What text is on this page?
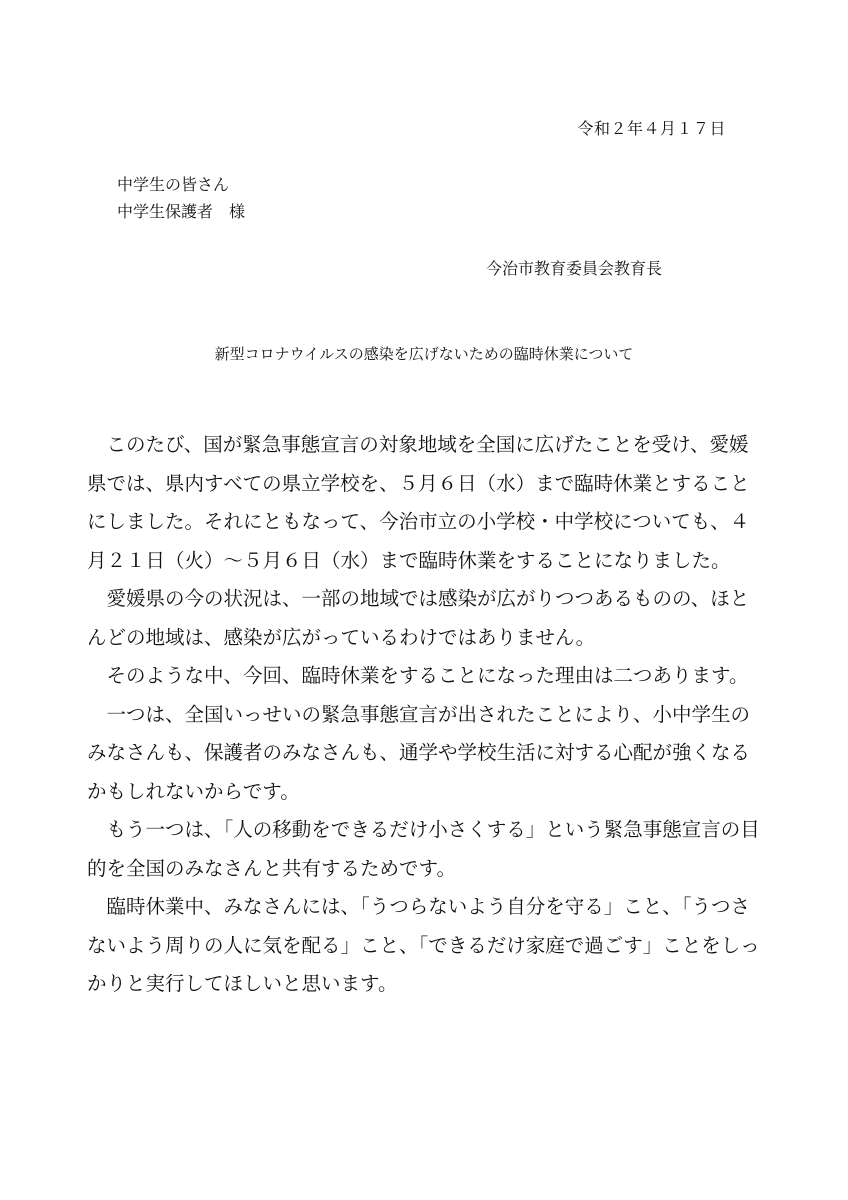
令和２年４月１７日
中学生の皆さん
中学生保護者　様
今治市教育委員会教育長
新型コロナウイルスの感染を広げないための臨時休業について

このたび、国が緊急事態宣言の対象地域を全国に広げたことを受け、愛媛県では、県内すべての県立学校を、５月６日（水）まで臨時休業とすることにしました。それにともなって、今治市立の小学校・中学校についても、４月２１日（火）～５月６日（水）まで臨時休業をすることになりました。

愛媛県の今の状況は、一部の地域では感染が広がりつつあるものの、ほとんどの地域は、感染が広がっているわけではありません。

そのような中、今回、臨時休業をすることになった理由は二つあります。

一つは、全国いっせいの緊急事態宣言が出されたことにより、小中学生のみなさんも、保護者のみなさんも、通学や学校生活に対する心配が強くなるかもしれないからです。

もう一つは、「人の移動をできるだけ小さくする」という緊急事態宣言の目的を全国のみなさんと共有するためです。

臨時休業中、みなさんには、「うつらないよう自分を守る」こと、「うつさないよう周りの人に気を配る」こと、「できるだけ家庭で過ごす」ことをしっかりと実行してほしいと思います。
